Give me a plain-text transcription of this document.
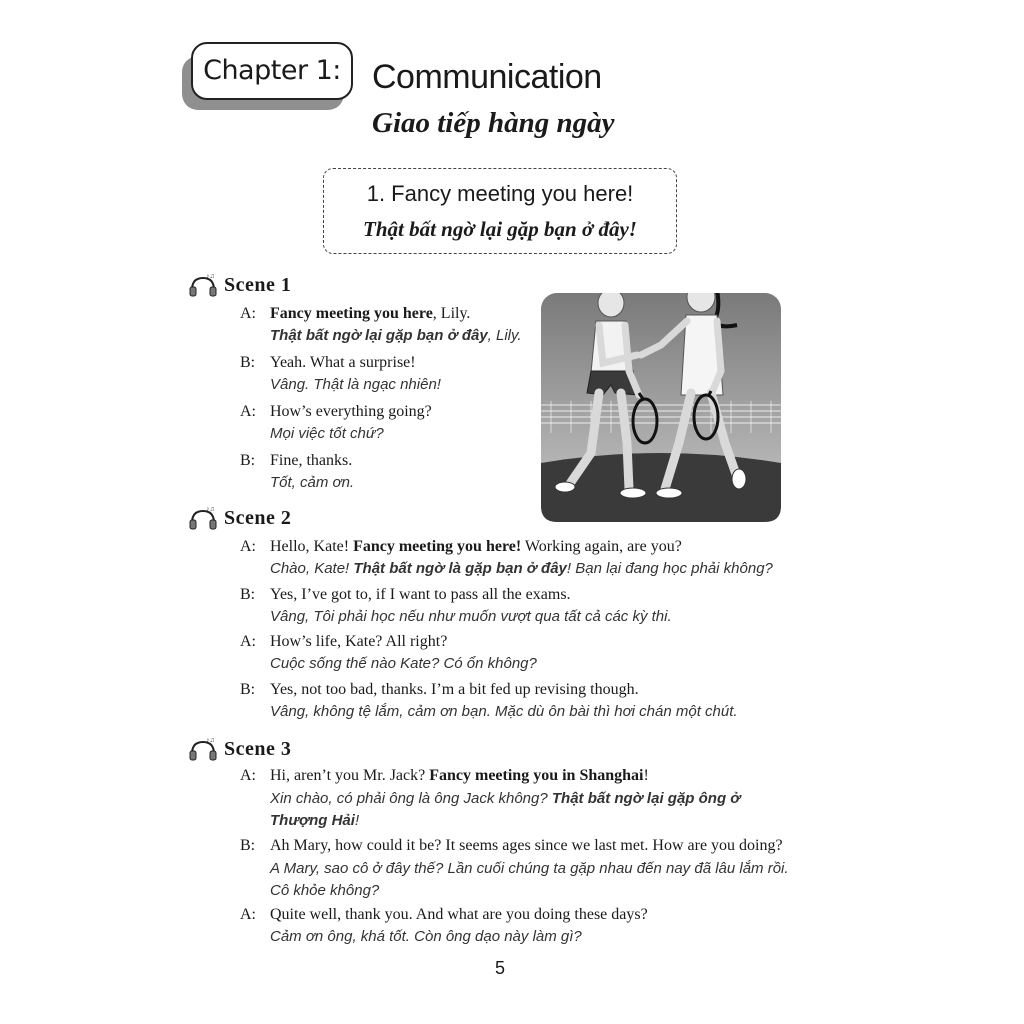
Chapter 1: Communication
Giao tiếp hàng ngày
1. Fancy meeting you here!
Thật bất ngờ lại gặp bạn ở đây!
♪♫ Scene 1
A: Fancy meeting you here, Lily.
Thật bất ngờ lại gặp bạn ở đây, Lily.
B: Yeah. What a surprise!
Vâng. Thật là ngạc nhiên!
A: How’s everything going?
Mọi việc tốt chứ?
B: Fine, thanks.
Tốt, cảm ơn.
♪♫ Scene 2
A: Hello, Kate! Fancy meeting you here! Working again, are you?
Chào, Kate! Thật bất ngờ là gặp bạn ở đây! Bạn lại đang học phải không?
B: Yes, I’ve got to, if I want to pass all the exams.
Vâng, Tôi phải học nếu như muốn vượt qua tất cả các kỳ thi.
A: How’s life, Kate? All right?
Cuộc sống thế nào Kate? Có ổn không?
B: Yes, not too bad, thanks. I’m a bit fed up revising though.
Vâng, không tệ lắm, cảm ơn bạn. Mặc dù ôn bài thì hơi chán một chút.
♪♫ Scene 3
A: Hi, aren’t you Mr. Jack? Fancy meeting you in Shanghai!
Xin chào, có phải ông là ông Jack không? Thật bất ngờ lại gặp ông ở Thượng Hải!
B: Ah Mary, how could it be? It seems ages since we last met. How are you doing?
A Mary, sao cô ở đây thế? Lần cuối chúng ta gặp nhau đến nay đã lâu lắm rồi. Cô khỏe không?
A: Quite well, thank you. And what are you doing these days?
Cảm ơn ông, khá tốt. Còn ông dạo này làm gì?
5
